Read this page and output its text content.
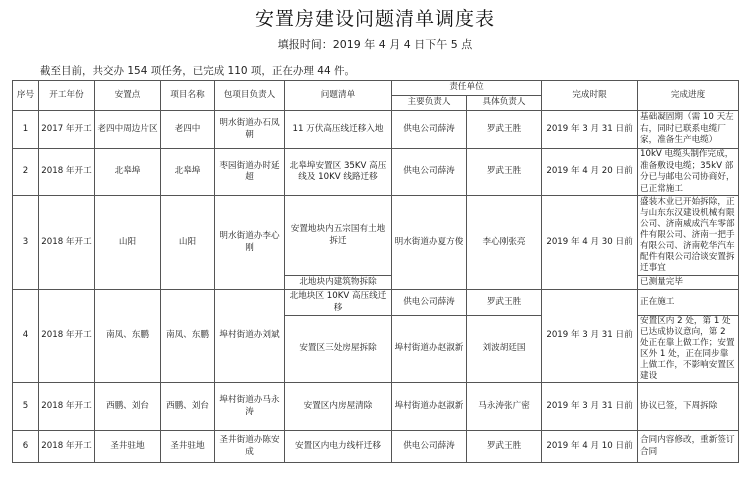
安置房建设问题清单调度表
填报时间：2019 年 4 月 4 日下午 5 点
截至目前，共交办 154 项任务，已完成 110 项，正在办理 44 件。
序号	开工年份	安置点	项目名称	包项目负责人	问题清单	责任单位		完成时限	完成进度
						主要负责人	具体负责人		
1	2017 年开工	老四中周边片区	老四中	明水街道办石凤朝	11 万伏高压线迁移入地	供电公司薛涛	罗武王胜	2019 年 3 月 31 日前	基础凝固期（需 10 天左右，同时已联系电缆厂家，准备生产电缆）
2	2018 年开工	北皋埠	北皋埠	枣园街道办时延超	北皋埠安置区 35KV 高压线及 10KV 线路迁移	供电公司薛涛	罗武王胜	2019 年 4 月 20 日前	10kV 电缆头制作完成，准备敷设电缆；35kV 部分已与邮电公司协商好，已正常施工
3	2018 年开工	山阳	山阳	明水街道办李心刚	安置地块内五宗国有土地拆迁	明水街道办夏方俊	李心刚张亮	2019 年 4 月 30 日前	盛装木业已开始拆除，正与山东东汉建设机械有限公司、济南威成汽车零部件有限公司、济南一把手有限公司、济南乾华汽车配件有限公司洽谈安置拆迁事宜
					北地块内建筑物拆除				已测量完毕
4	2018 年开工	南凤、东鹏	南凤、东鹏	埠村街道办刘斌	北地块区 10KV 高压线迁移	供电公司薛涛	罗武王胜	2019 年 3 月 31 日前	正在施工
					安置区三处房屋拆除	埠村街道办赵淑新	刘波胡廷国		安置区内 2 处，第 1 处已达成协议意向，第 2 处正在靠上做工作；安置区外 1 处，正在同步靠上做工作，不影响安置区建设
5	2018 年开工	西鹏、刘台	西鹏、刘台	埠村街道办马永涛	安置区内房屋清除	埠村街道办赵淑新	马永涛张广密	2019 年 3 月 31 日前	协议已签，下周拆除
6	2018 年开工	圣井驻地	圣井驻地	圣井街道办陈安成	安置区内电力线杆迁移	供电公司薛涛	罗武王胜	2019 年 4 月 10 日前	合同内容修改，重新签订合同
